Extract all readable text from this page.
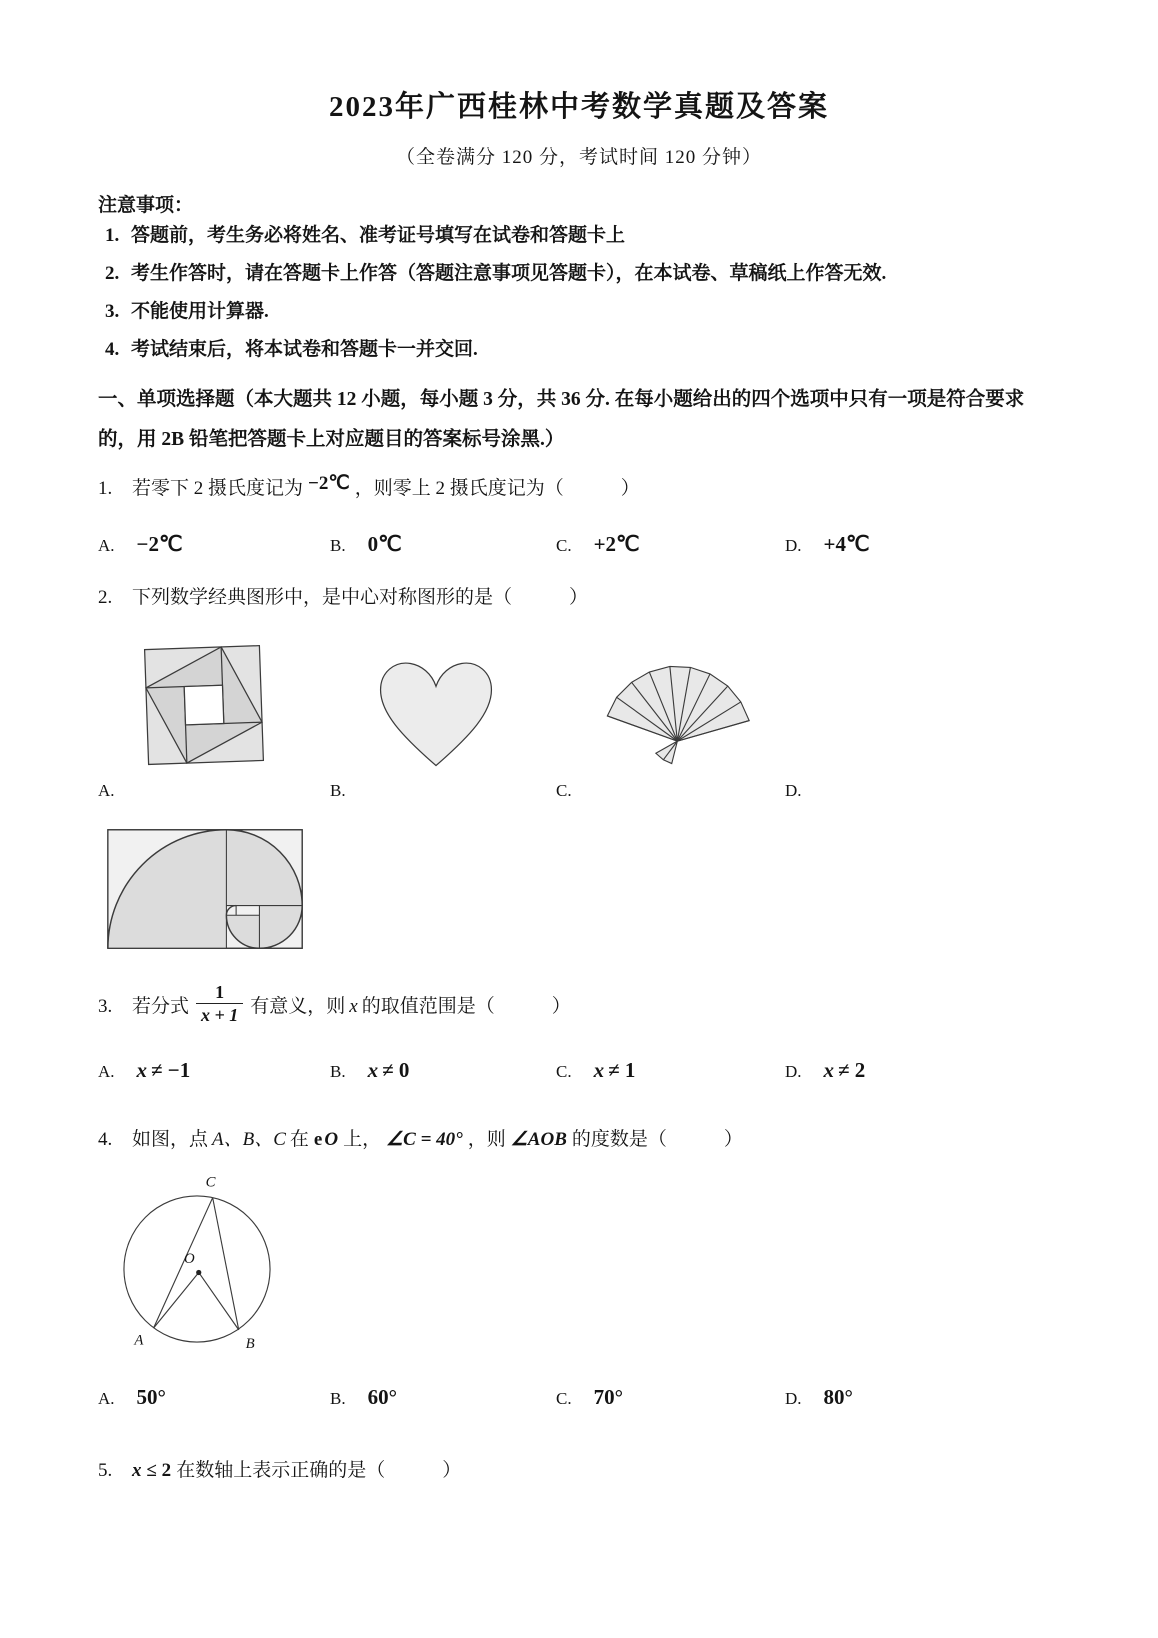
2023年广西桂林中考数学真题及答案
（全卷满分 120 分，考试时间 120 分钟）
注意事项：
1. 答题前，考生务必将姓名、准考证号填写在试卷和答题卡上
2. 考生作答时，请在答题卡上作答（答题注意事项见答题卡），在本试卷、草稿纸上作答无效.
3. 不能使用计算器.
4. 考试结束后，将本试卷和答题卡一并交回.
一、单项选择题（本大题共 12 小题，每小题 3 分，共 36 分. 在每小题给出的四个选项中只有一项是符合要求的，用 2B 铅笔把答题卡上对应题目的答案标号涂黑.）
1. 若零下 2 摄氏度记为 −2℃ ，则零上 2 摄氏度记为（　　　）
A. −2℃	B. 0℃	C. +2℃	D. +4℃
2. 下列数学经典图形中，是中心对称图形的是（　　　）
A.	B.	C.	D.
3. 若分式 $\frac{1}{x + 1}$ 有意义，则 x 的取值范围是（　　　）
A. x ≠ −1	B. x ≠ 0	C. x ≠ 1	D. x ≠ 2
4. 如图，点 A、B、C 在 e O 上， ∠C = 40° ，则 ∠AOB 的度数是（　　　）
C
O
A	B
A. 50°	B. 60°	C. 70°	D. 80°
5. x ≤ 2 在数轴上表示正确的是（　　　）
